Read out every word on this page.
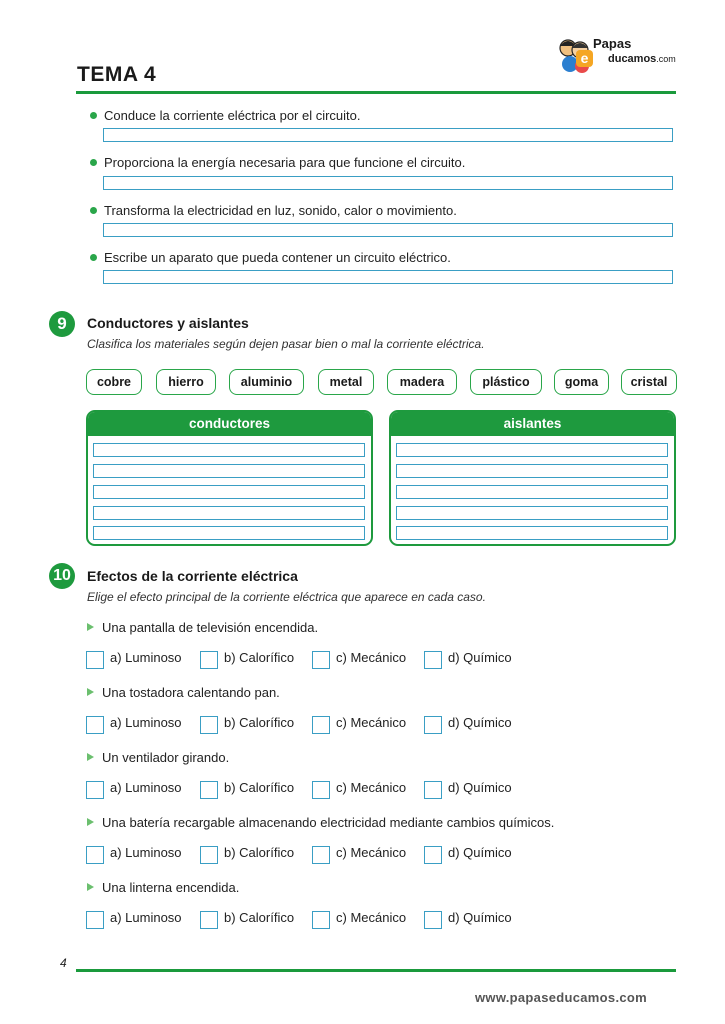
TEMA 4
e
Papas
ducamos.com
Conduce la corriente eléctrica por el circuito.
Proporciona la energía necesaria para que funcione el circuito.
Transforma la electricidad en luz, sonido, calor o movimiento.
Escribe un aparato que pueda contener un circuito eléctrico.
9	Conductores y aislantes
Clasifica los materiales según dejen pasar bien o mal la corriente eléctrica.
cobre	hierro	aluminio	metal	madera	plástico	goma	cristal
conductores	aislantes
10 Efectos de la corriente eléctrica
Elige el efecto principal de la corriente eléctrica que aparece en cada caso.
Una pantalla de televisión encendida.
a) Luminoso	b) Calorífico	c) Mecánico	d) Químico
Una tostadora calentando pan.
a) Luminoso	b) Calorífico	c) Mecánico	d) Químico
Un ventilador girando.
a) Luminoso	b) Calorífico	c) Mecánico	d) Químico
Una batería recargable almacenando electricidad mediante cambios químicos.
a) Luminoso	b) Calorífico	c) Mecánico	d) Químico
Una linterna encendida.
a) Luminoso	b) Calorífico	c) Mecánico	d) Químico
4
www.papaseducamos.com
